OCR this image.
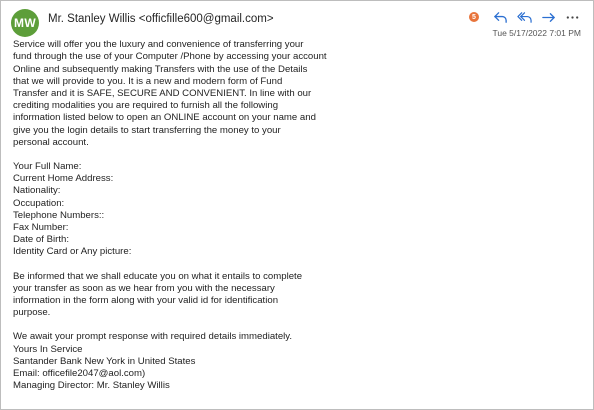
Service will offer you the luxury and convenience of transferring your
fund through the use of your Computer /Phone by accessing your account
Online and subsequently making Transfers with the use of the Details
that we will provide to you. It is a new and modern form of Fund
Transfer and it is SAFE, SECURE AND CONVENIENT. In line with our
crediting modalities you are required to furnish all the following
information listed below to open an ONLINE account on your name and
give you the login details to start transferring the money to your
personal account.

Your Full Name:
Current Home Address:
Nationality:
Occupation:
Telephone Numbers::
Fax Number:
Date of Birth:
Identity Card or Any picture:

Be informed that we shall educate you on what it entails to complete
your transfer as soon as we hear from you with the necessary
information in the form along with your valid id for identification
purpose.

We await your prompt response with required details immediately.
Yours In Service
Santander Bank New York in United States
Email: officefile2047@aol.com)
Managing Director: Mr. Stanley Willis

MW Mr. Stanley Willis <officfille600@gmail.com>	5
Tue 5/17/2022 7:01 PM
